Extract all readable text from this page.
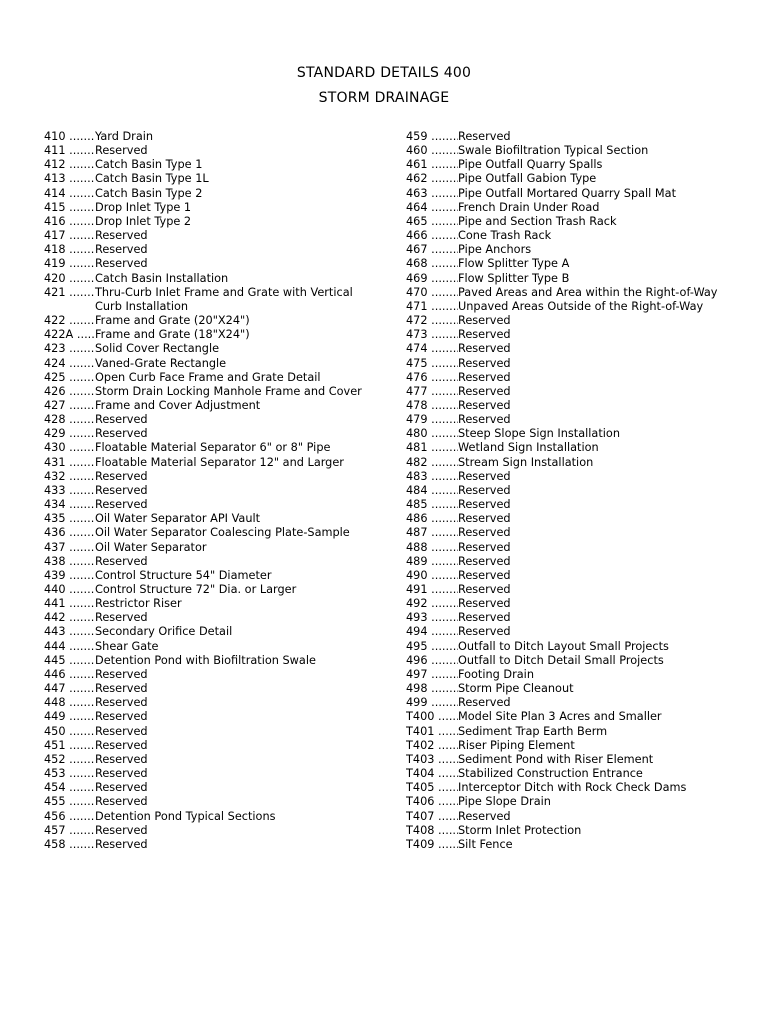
STANDARD DETAILS 400
STORM DRAINAGE
410 .....	Yard Drain
411 .....	Reserved
412 .....	Catch Basin Type 1
413 .....	Catch Basin Type 1L
414 .....	Catch Basin Type 2
415 .....	Drop Inlet Type 1
416 .....	Drop Inlet Type 2
417 .....	Reserved
418 .....	Reserved
419 .....	Reserved
420 .....	Catch Basin Installation
421 .....	Thru-Curb Inlet Frame and Grate with Vertical Curb Installation
422 .....	Frame and Grate (20"X24")
422A .....	Frame and Grate (18"X24")
423 .....	Solid Cover Rectangle
424 .....	Vaned-Grate Rectangle
425 .....	Open Curb Face Frame and Grate Detail
426 .....	Storm Drain Locking Manhole Frame and Cover
427 .....	Frame and Cover Adjustment
428 .....	Reserved
429 .....	Reserved
430 .....	Floatable Material Separator 6" or 8" Pipe
431 .....	Floatable Material Separator 12" and Larger
432 .....	Reserved
433 .....	Reserved
434 .....	Reserved
435 .....	Oil Water Separator API Vault
436 .....	Oil Water Separator Coalescing Plate-Sample
437 .....	Oil Water Separator
438 .....	Reserved
439 .....	Control Structure 54" Diameter
440 .....	Control Structure 72" Dia. or Larger
441 .....	Restrictor Riser
442 .....	Reserved
443 .....	Secondary Orifice Detail
444 .....	Shear Gate
445 .....	Detention Pond with Biofiltration Swale
446 .....	Reserved
447 .....	Reserved
448 .....	Reserved
449 .....	Reserved
450 .....	Reserved
451 .....	Reserved
452 .....	Reserved
453 .....	Reserved
454 .....	Reserved
455 .....	Reserved
456 .....	Detention Pond Typical Sections
457 .....	Reserved
458 .....	Reserved
459 .....	Reserved
460 .....	Swale Biofiltration Typical Section
461 .....	Pipe Outfall Quarry Spalls
462 .....	Pipe Outfall Gabion Type
463 .....	Pipe Outfall Mortared Quarry Spall Mat
464 .....	French Drain Under Road
465 .....	Pipe and Section Trash Rack
466 .....	Cone Trash Rack
467 .....	Pipe Anchors
468 .....	Flow Splitter Type A
469 .....	Flow Splitter Type B
470 .....	Paved Areas and Area within the Right-of-Way
471 .....	Unpaved Areas Outside of the Right-of-Way
472 .....	Reserved
473 .....	Reserved
474 .....	Reserved
475 .....	Reserved
476 .....	Reserved
477 .....	Reserved
478 .....	Reserved
479 .....	Reserved
480 .....	Steep Slope Sign Installation
481 .....	Wetland Sign Installation
482 .....	Stream Sign Installation
483 .....	Reserved
484 .....	Reserved
485 .....	Reserved
486 .....	Reserved
487 .....	Reserved
488 .....	Reserved
489 .....	Reserved
490 .....	Reserved
491 .....	Reserved
492 .....	Reserved
493 .....	Reserved
494 .....	Reserved
495 .....	Outfall to Ditch Layout Small Projects
496 .....	Outfall to Ditch Detail Small Projects
497 .....	Footing Drain
498 .....	Storm Pipe Cleanout
499 .....	Reserved
T400 .....	Model Site Plan 3 Acres and Smaller
T401 .....	Sediment Trap Earth Berm
T402 .....	Riser Piping Element
T403 .....	Sediment Pond with Riser Element
T404 .....	Stabilized Construction Entrance
T405 .....	Interceptor Ditch with Rock Check Dams
T406 .....	Pipe Slope Drain
T407 .....	Reserved
T408 .....	Storm Inlet Protection
T409 .....	Silt Fence
